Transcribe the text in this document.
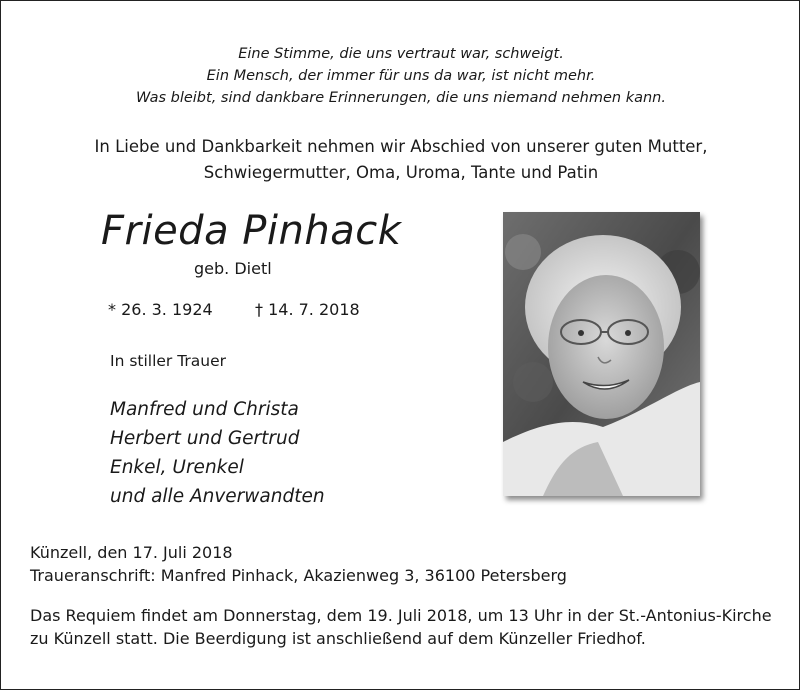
Eine Stimme, die uns vertraut war, schweigt.
Ein Mensch, der immer für uns da war, ist nicht mehr.
Was bleibt, sind dankbare Erinnerungen, die uns niemand nehmen kann.
In Liebe und Dankbarkeit nehmen wir Abschied von unserer guten Mutter,
Schwiegermutter, Oma, Uroma, Tante und Patin
Frieda Pinhack
geb. Dietl
* 26. 3. 1924	† 14. 7. 2018
In stiller Trauer
Manfred und Christa
Herbert und Gertrud
Enkel, Urenkel
und alle Anverwandten
Künzell, den 17. Juli 2018
Traueranschrift: Manfred Pinhack, Akazienweg 3, 36100 Petersberg
Das Requiem findet am Donnerstag, dem 19. Juli 2018, um 13 Uhr in der St.-Antonius-Kirche
zu Künzell statt. Die Beerdigung ist anschließend auf dem Künzeller Friedhof.
